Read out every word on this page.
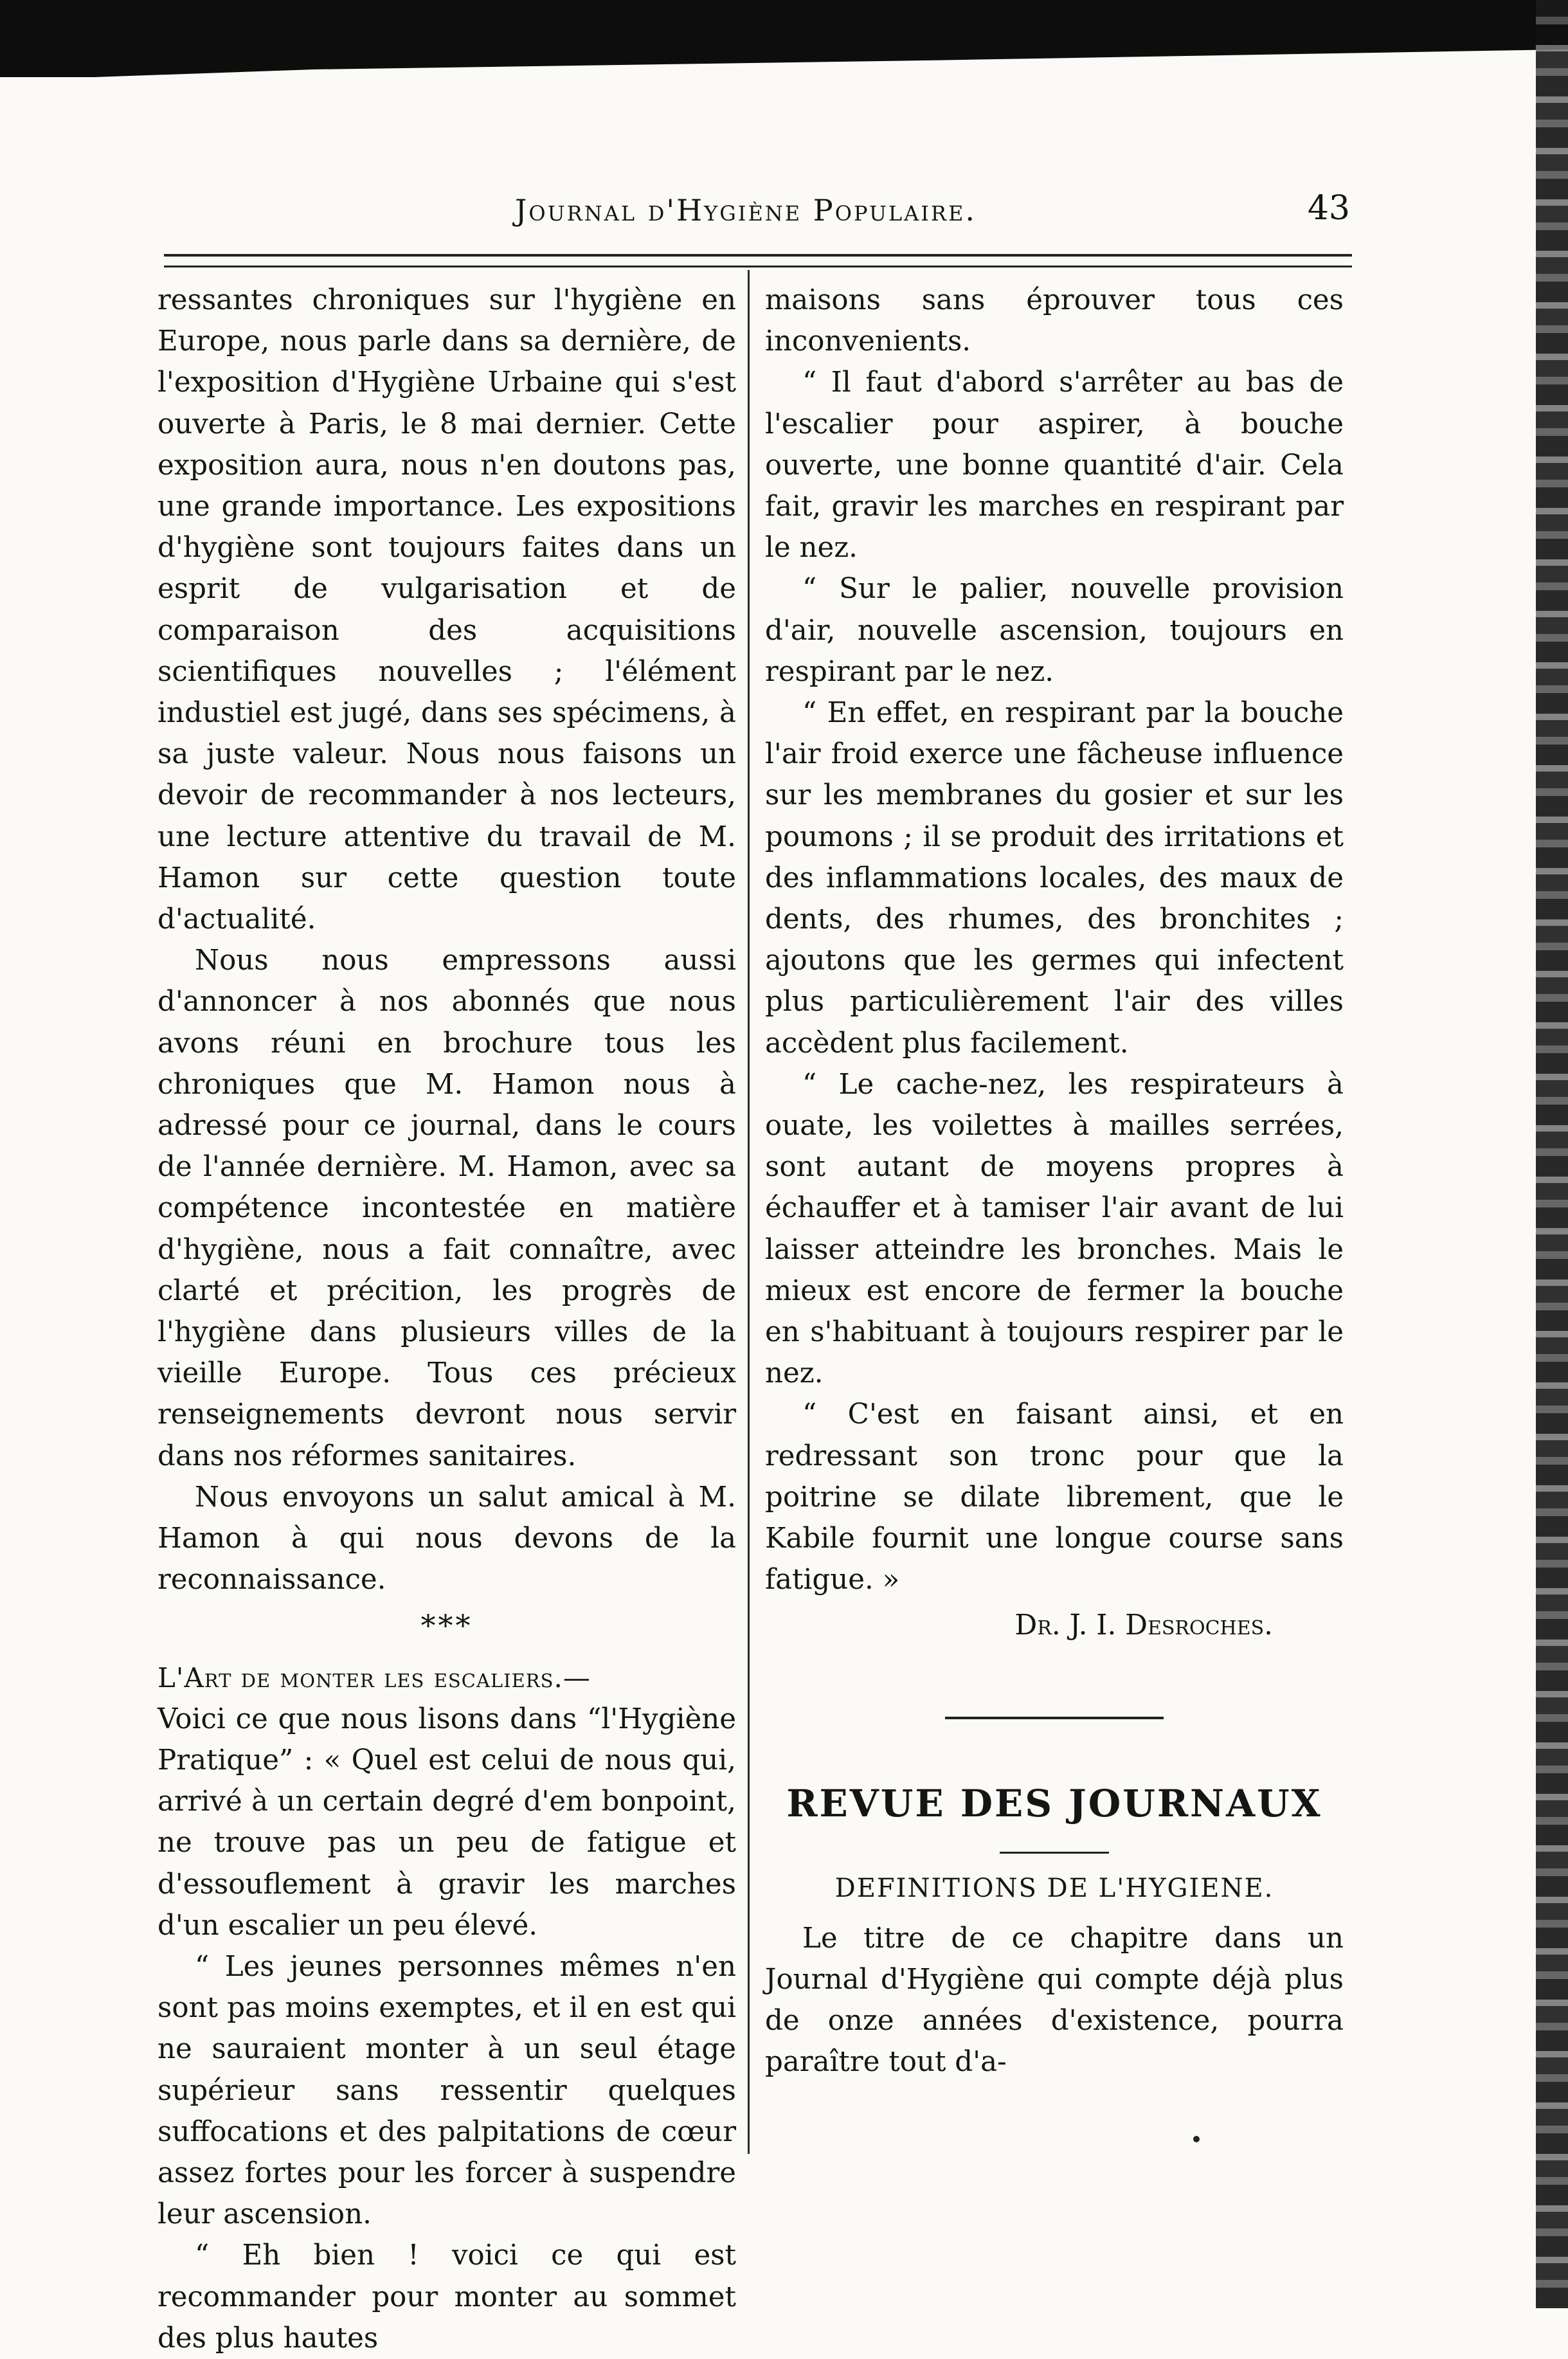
Journal d'Hygiène Populaire.	43

ressantes chroniques sur l'hygiène en Europe, nous parle dans sa dernière, de l'exposition d'Hygiène Urbaine qui s'est ouverte à Paris, le 8 mai dernier. Cette exposition aura, nous n'en doutons pas, une grande importance. Les expositions d'hygiène sont toujours faites dans un esprit de vulgarisation et de comparaison des acquisitions scientifiques nouvelles ; l'élément industiel est jugé, dans ses spécimens, à sa juste valeur. Nous nous faisons un devoir de recommander à nos lecteurs, une lecture attentive du travail de M. Hamon sur cette question toute d'actualité.

Nous nous empressons aussi d'annoncer à nos abonnés que nous avons réuni en brochure tous les chroniques que M. Hamon nous à adressé pour ce journal, dans le cours de l'année dernière. M. Hamon, avec sa compétence incontestée en matière d'hygiène, nous a fait connaître, avec clarté et précition, les progrès de l'hygiène dans plusieurs villes de la vieille Europe. Tous ces précieux renseignements devront nous servir dans nos réformes sanitaires.

Nous envoyons un salut amical à M. Hamon à qui nous devons de la reconnaissance.

***

L'Art de monter les escaliers.—

Voici ce que nous lisons dans “l'Hygiène Pratique” : « Quel est celui de nous qui, arrivé à un certain degré d'em bonpoint, ne trouve pas un peu de fatigue et d'essouflement à gravir les marches d'un escalier un peu élevé.

“ Les jeunes personnes mêmes n'en sont pas moins exemptes, et il en est qui ne sauraient monter à un seul étage supérieur sans ressentir quelques suffocations et des palpitations de cœur assez fortes pour les forcer à suspendre leur ascension.

“ Eh bien ! voici ce qui est recommander pour monter au sommet des plus hautes

maisons sans éprouver tous ces inconvenients.

“ Il faut d'abord s'arrêter au bas de l'escalier pour aspirer, à bouche ouverte, une bonne quantité d'air. Cela fait, gravir les marches en respirant par le nez.

“ Sur le palier, nouvelle provision d'air, nouvelle ascension, toujours en respirant par le nez.

“ En effet, en respirant par la bouche l'air froid exerce une fâcheuse influence sur les membranes du gosier et sur les poumons ; il se produit des irritations et des inflammations locales, des maux de dents, des rhumes, des bronchites ; ajoutons que les germes qui infectent plus particulièrement l'air des villes accèdent plus facilement.

“ Le cache-nez, les respirateurs à ouate, les voilettes à mailles serrées, sont autant de moyens propres à échauffer et à tamiser l'air avant de lui laisser atteindre les bronches. Mais le mieux est encore de fermer la bouche en s'habituant à toujours respirer par le nez.

“ C'est en faisant ainsi, et en redressant son tronc pour que la poitrine se dilate librement, que le Kabile fournit une longue course sans fatigue. »

Dr. J. I. Desroches.
REVUE DES JOURNAUX
DEFINITIONS DE L'HYGIENE.

Le titre de ce chapitre dans un Journal d'Hygiène qui compte déjà plus de onze années d'existence, pourra paraître tout d'a-
